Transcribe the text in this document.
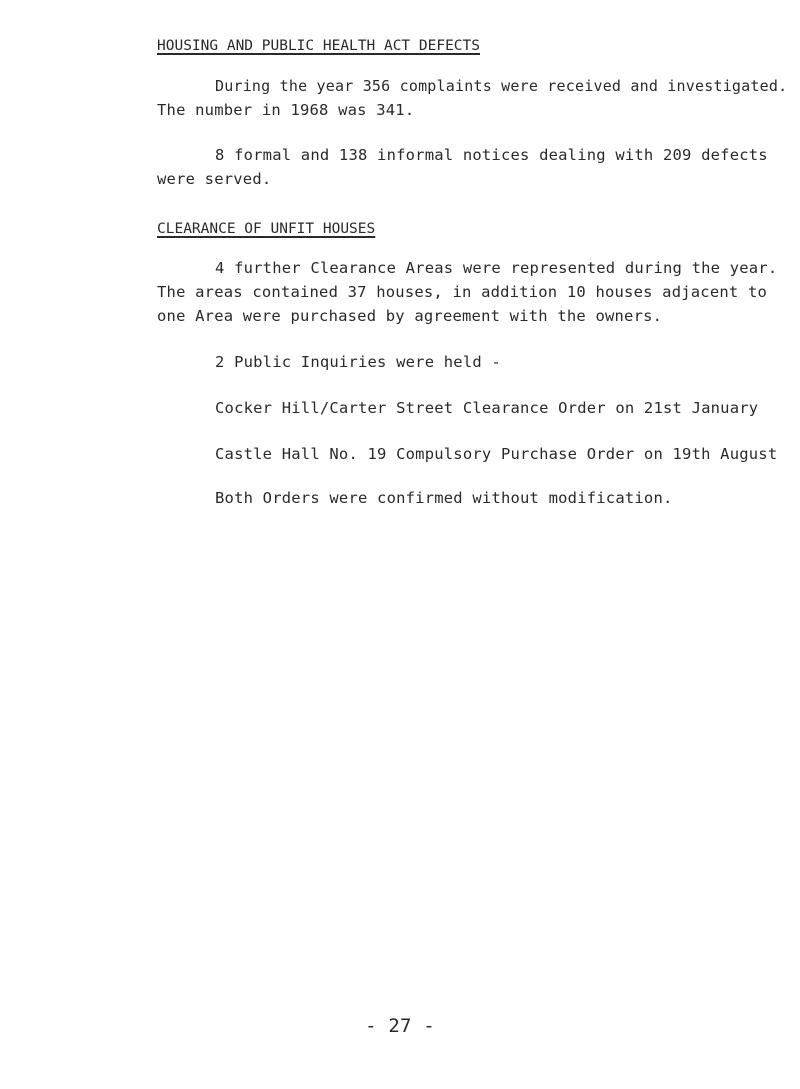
HOUSING AND PUBLIC HEALTH ACT DEFECTS
During the year 356 complaints were received and investigated.
The number in 1968 was 341.
8 formal and 138 informal notices dealing with 209 defects
were served.
CLEARANCE OF UNFIT HOUSES
4 further Clearance Areas were represented during the year.
The areas contained 37 houses, in addition 10 houses adjacent to
one Area were purchased by agreement with the owners.
2 Public Inquiries were held -
Cocker Hill/Carter Street Clearance Order on 21st January
Castle Hall No. 19 Compulsory Purchase Order on 19th August
Both Orders were confirmed without modification.
- 27 -
